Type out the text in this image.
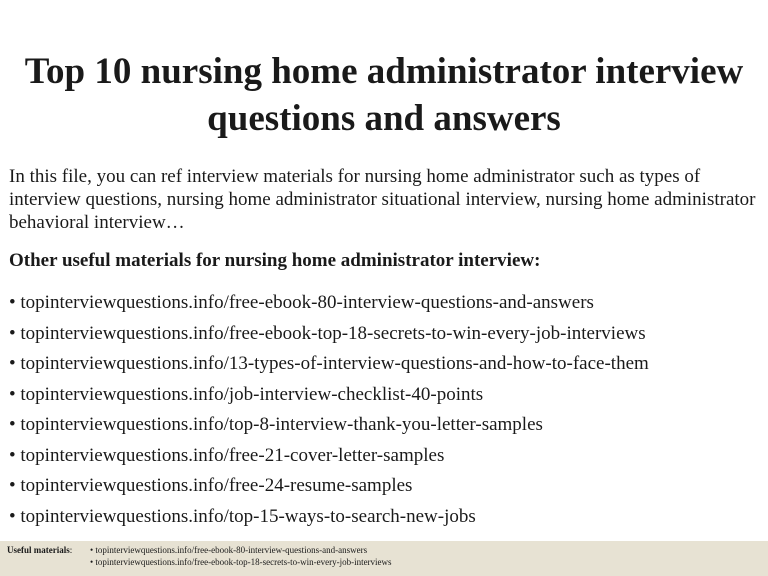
Top 10 nursing home administrator interview
questions and answers

In this file, you can ref interview materials for nursing home administrator such as types of interview questions, nursing home administrator situational interview, nursing home administrator behavioral interview…

Other useful materials for nursing home administrator interview:

• topinterviewquestions.info/free-ebook-80-interview-questions-and-answers
• topinterviewquestions.info/free-ebook-top-18-secrets-to-win-every-job-interviews
• topinterviewquestions.info/13-types-of-interview-questions-and-how-to-face-them
• topinterviewquestions.info/job-interview-checklist-40-points
• topinterviewquestions.info/top-8-interview-thank-you-letter-samples
• topinterviewquestions.info/free-21-cover-letter-samples
• topinterviewquestions.info/free-24-resume-samples
• topinterviewquestions.info/top-15-ways-to-search-new-jobs
Useful materials: • topinterviewquestions.info/free-ebook-80-interview-questions-and-answers
• topinterviewquestions.info/free-ebook-top-18-secrets-to-win-every-job-interviews
